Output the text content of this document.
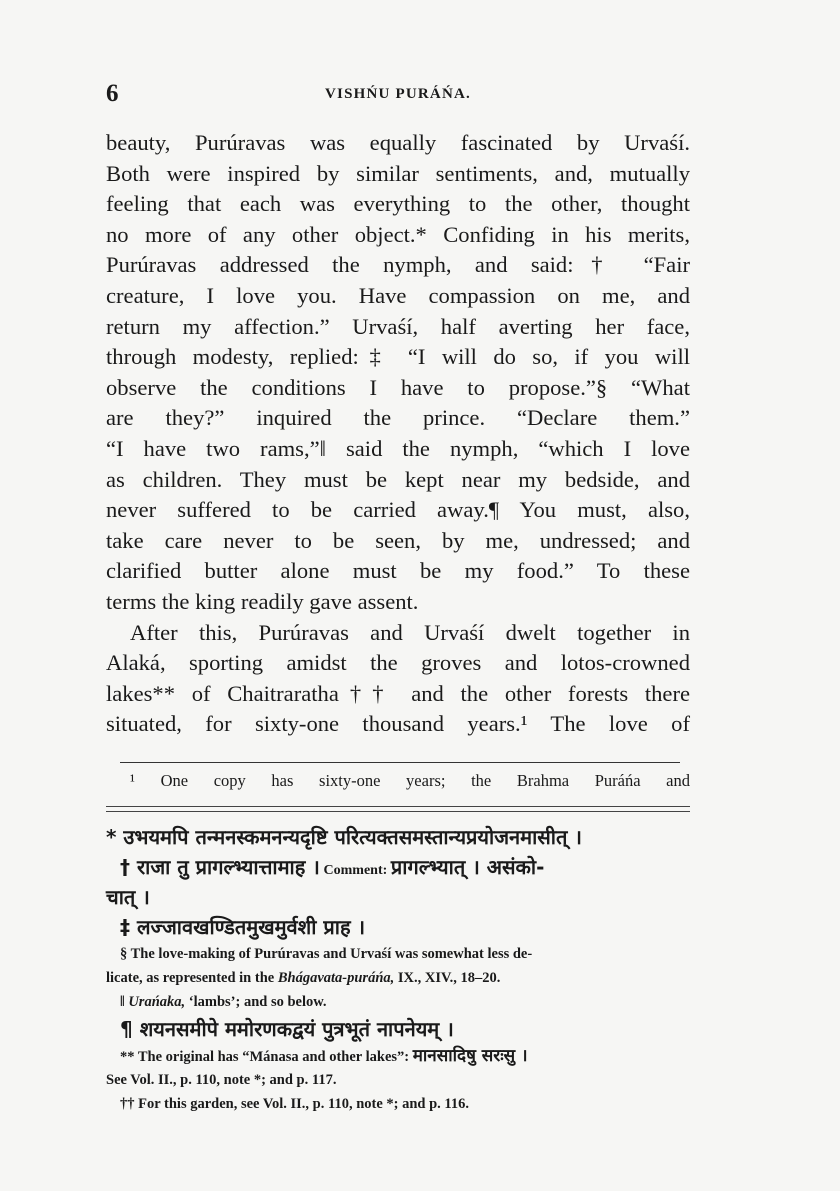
6	VISHŃU PURÁŃA.
beauty, Purúravas was equally fascinated by Urvaśí.
Both were inspired by similar sentiments, and, mutually
feeling that each was everything to the other, thought
no more of any other object.* Confiding in his merits,
Purúravas addressed the nymph, and said:† “Fair
creature, I love you. Have compassion on me, and
return my affection.” Urvaśí, half averting her face,
through modesty, replied:‡ “I will do so, if you will
observe the conditions I have to propose.”§ “What
are they?” inquired the prince. “Declare them.”
“I have two rams,”‖ said the nymph, “which I love
as children. They must be kept near my bedside, and
never suffered to be carried away.¶ You must, also,
take care never to be seen, by me, undressed; and
clarified butter alone must be my food.” To these
terms the king readily gave assent.
After this, Purúravas and Urvaśí dwelt together in
Alaká, sporting amidst the groves and lotos-crowned
lakes** of Chaitraratha†† and the other forests there
situated, for sixty-one thousand years.¹ The love of
¹ One copy has sixty-one years; the Brahma Puráńa and
* उभयमपि तन्मनस्कमनन्यदृष्टि परित्यक्तसमस्तान्यप्रयोजनमासीत् ।
† राजा तु प्रागल्भ्यात्तामाह । Comment: प्रागल्भ्यात् । असंको-
चात् ।
‡ लज्जावखण्डितमुखमुर्वशी प्राह ।
§ The love-making of Purúravas and Urvaśí was somewhat less de-
licate, as represented in the Bhágavata-puráńa, IX., XIV., 18–20.
‖ Urańaka, ‘lambs’; and so below.
¶ शयनसमीपे ममोरणकद्वयं पुत्रभूतं नापनेयम् ।
** The original has “Mánasa and other lakes”: मानसादिषु सरःसु ।
See Vol. II., p. 110, note *; and p. 117.
†† For this garden, see Vol. II., p. 110, note *; and p. 116.
